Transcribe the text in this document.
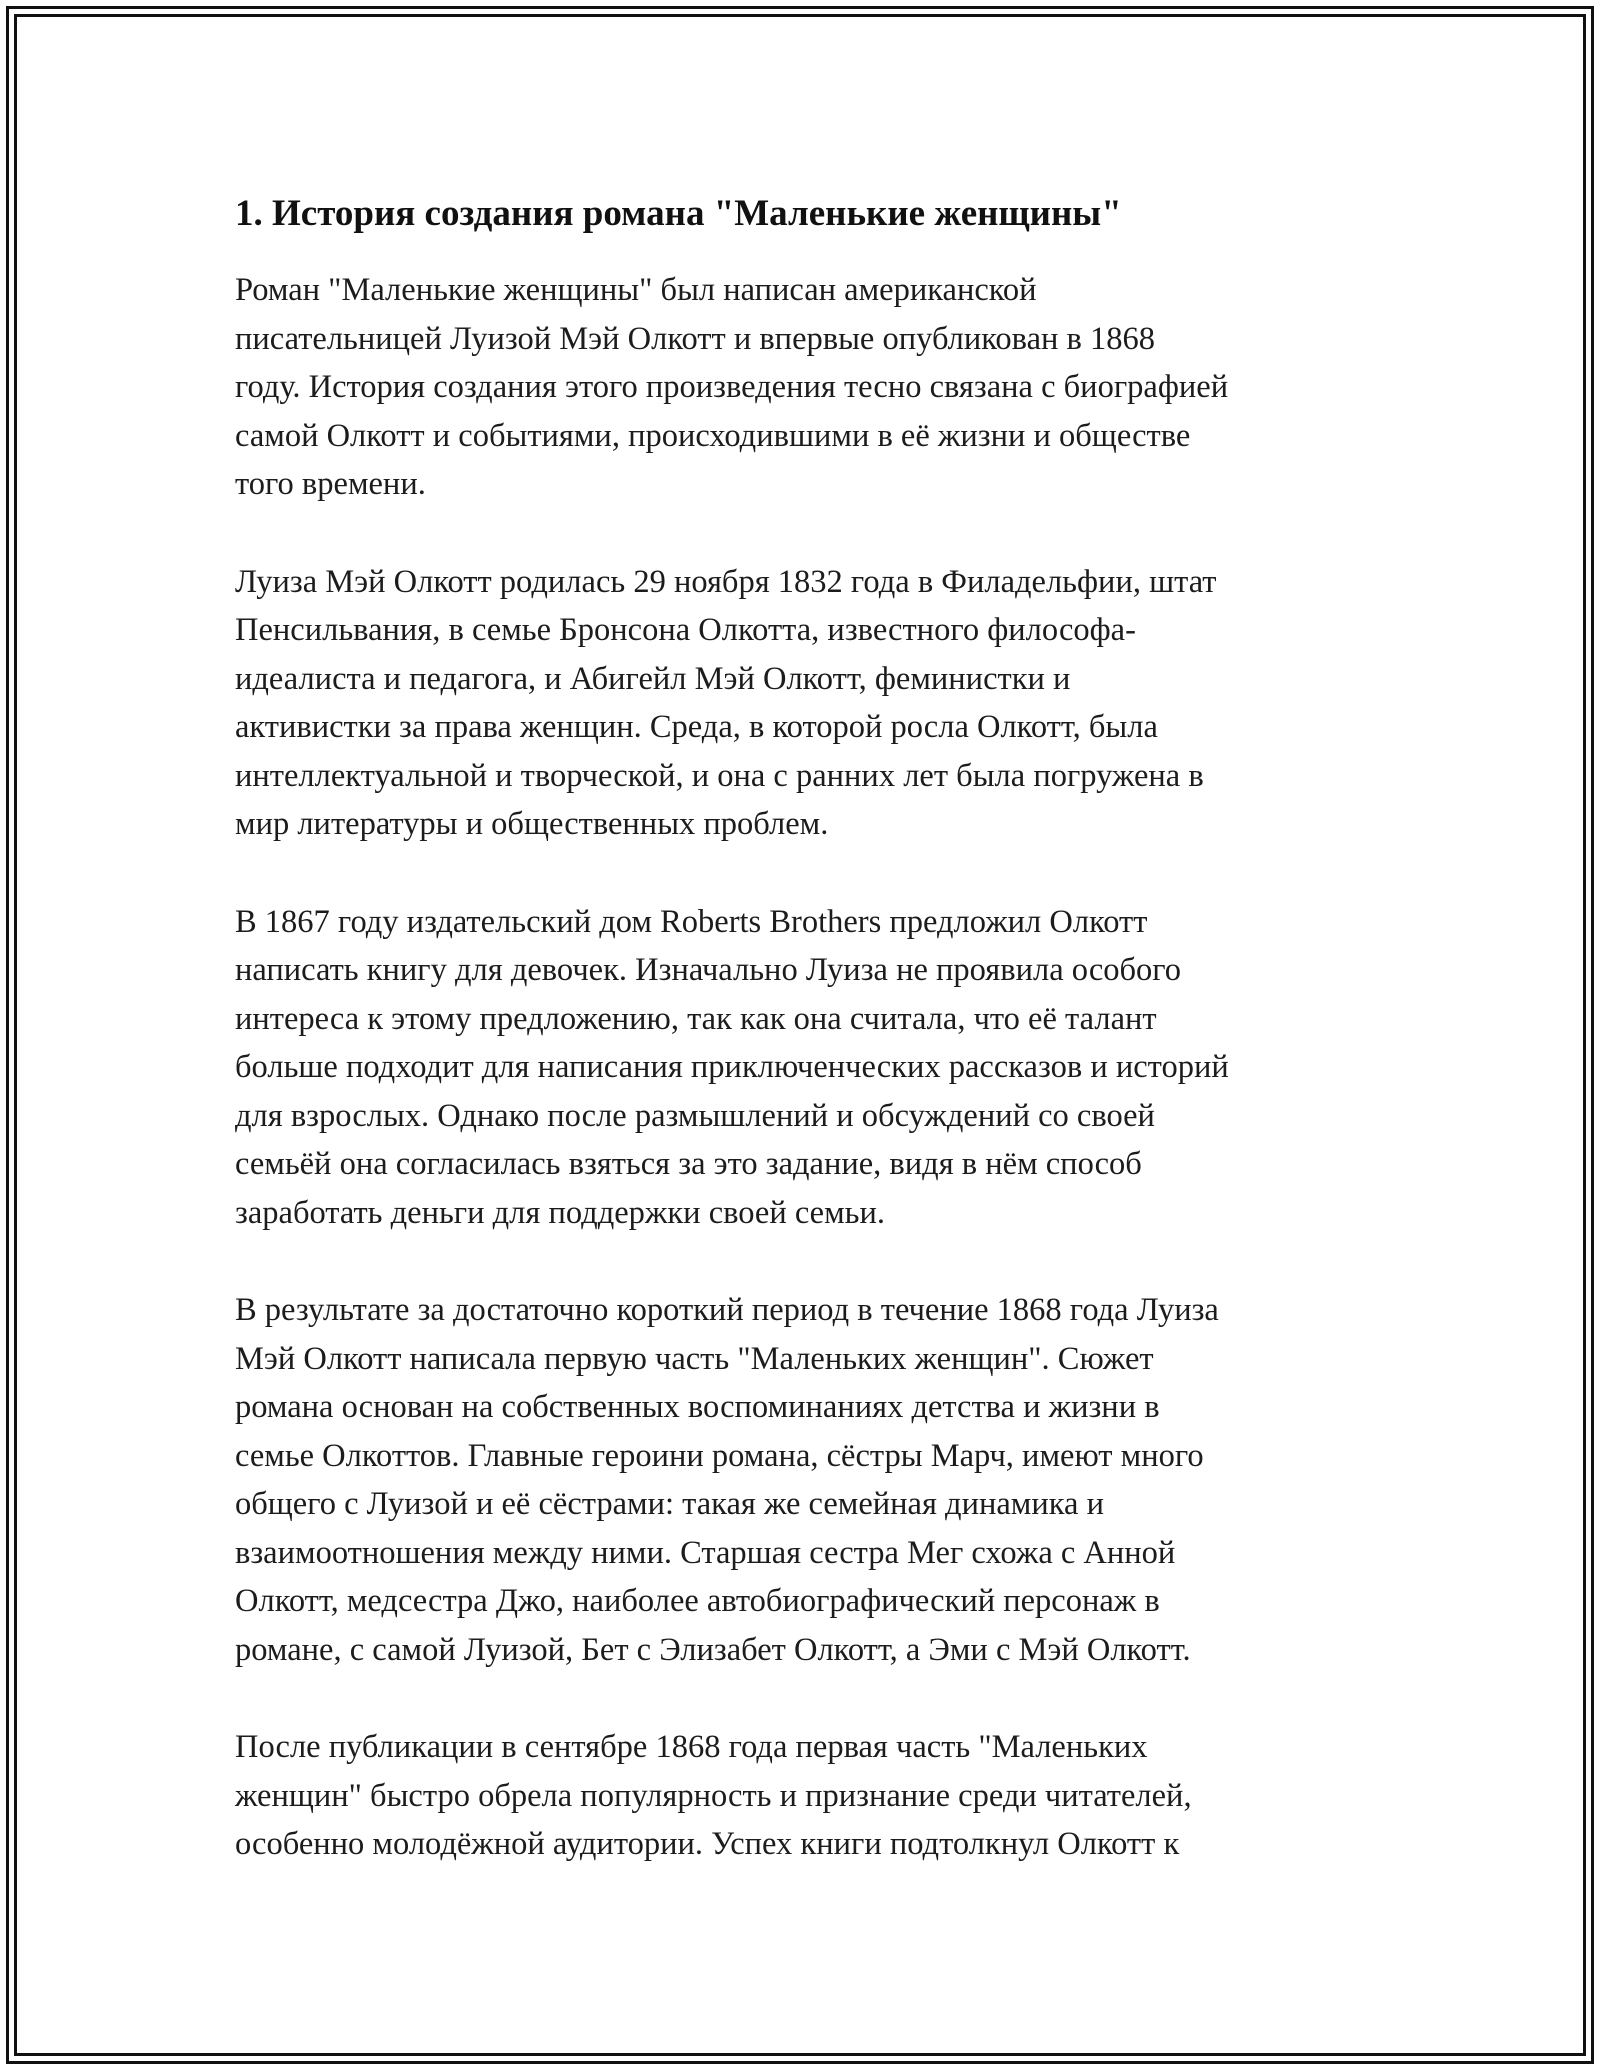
1. История создания романа "Маленькие женщины"

Роман "Маленькие женщины" был написан американской
писательницей Луизой Мэй Олкотт и впервые опубликован в 1868
году. История создания этого произведения тесно связана с биографией
самой Олкотт и событиями, происходившими в её жизни и обществе
того времени.

Луиза Мэй Олкотт родилась 29 ноября 1832 года в Филадельфии, штат
Пенсильвания, в семье Бронсона Олкотта, известного философа-
идеалиста и педагога, и Абигейл Мэй Олкотт, феминистки и
активистки за права женщин. Среда, в которой росла Олкотт, была
интеллектуальной и творческой, и она с ранних лет была погружена в
мир литературы и общественных проблем.

В 1867 году издательский дом Roberts Brothers предложил Олкотт
написать книгу для девочек. Изначально Луиза не проявила особого
интереса к этому предложению, так как она считала, что её талант
больше подходит для написания приключенческих рассказов и историй
для взрослых. Однако после размышлений и обсуждений со своей
семьёй она согласилась взяться за это задание, видя в нём способ
заработать деньги для поддержки своей семьи.

В результате за достаточно короткий период в течение 1868 года Луиза
Мэй Олкотт написала первую часть "Маленьких женщин". Сюжет
романа основан на собственных воспоминаниях детства и жизни в
семье Олкоттов. Главные героини романа, сёстры Марч, имеют много
общего с Луизой и её сёстрами: такая же семейная динамика и
взаимоотношения между ними. Старшая сестра Мег схожа с Анной
Олкотт, медсестра Джо, наиболее автобиографический персонаж в
романе, с самой Луизой, Бет с Элизабет Олкотт, а Эми с Мэй Олкотт.

После публикации в сентябре 1868 года первая часть "Маленьких
женщин" быстро обрела популярность и признание среди читателей,
особенно молодёжной аудитории. Успех книги подтолкнул Олкотт к
